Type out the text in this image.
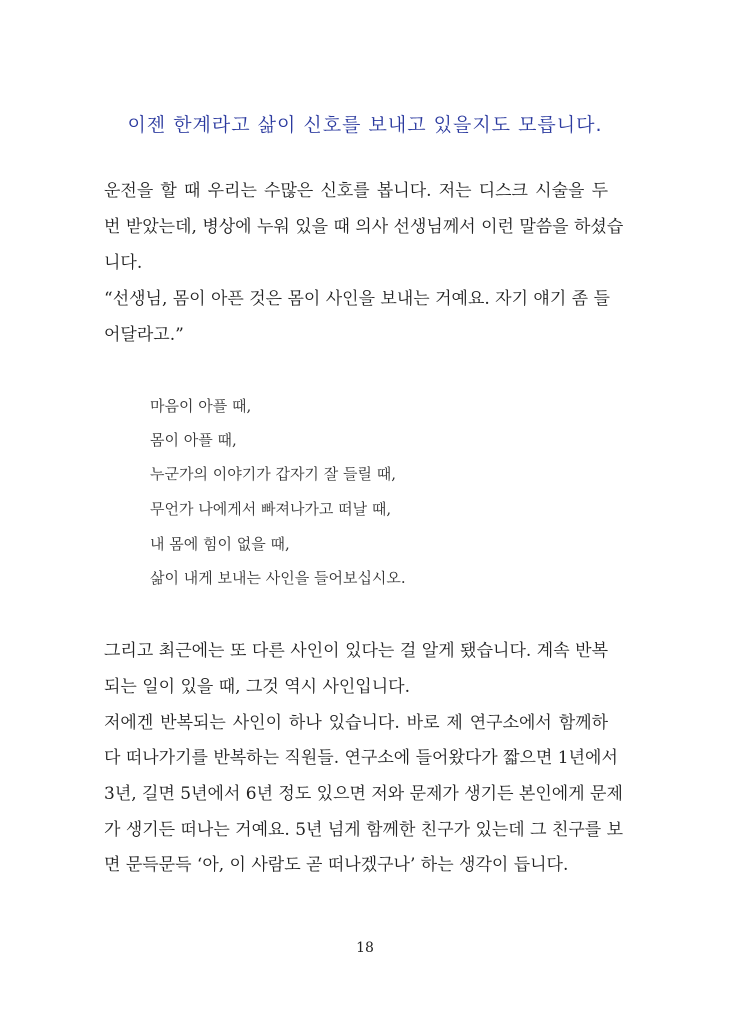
이젠 한계라고 삶이 신호를 보내고 있을지도 모릅니다.
운전을 할 때 우리는 수많은 신호를 봅니다. 저는 디스크 시술을 두
번 받았는데, 병상에 누워 있을 때 의사 선생님께서 이런 말씀을 하셨습
니다.
“선생님, 몸이 아픈 것은 몸이 사인을 보내는 거예요. 자기 얘기 좀 들
어달라고.”
마음이 아플 때,
몸이 아플 때,
누군가의 이야기가 갑자기 잘 들릴 때,
무언가 나에게서 빠져나가고 떠날 때,
내 몸에 힘이 없을 때,
삶이 내게 보내는 사인을 들어보십시오.
그리고 최근에는 또 다른 사인이 있다는 걸 알게 됐습니다. 계속 반복
되는 일이 있을 때, 그것 역시 사인입니다.
저에겐 반복되는 사인이 하나 있습니다. 바로 제 연구소에서 함께하
다 떠나가기를 반복하는 직원들. 연구소에 들어왔다가 짧으면 1년에서
3년, 길면 5년에서 6년 정도 있으면 저와 문제가 생기든 본인에게 문제
가 생기든 떠나는 거예요. 5년 넘게 함께한 친구가 있는데 그 친구를 보
면 문득문득 ‘아, 이 사람도 곧 떠나겠구나’ 하는 생각이 듭니다.
18
